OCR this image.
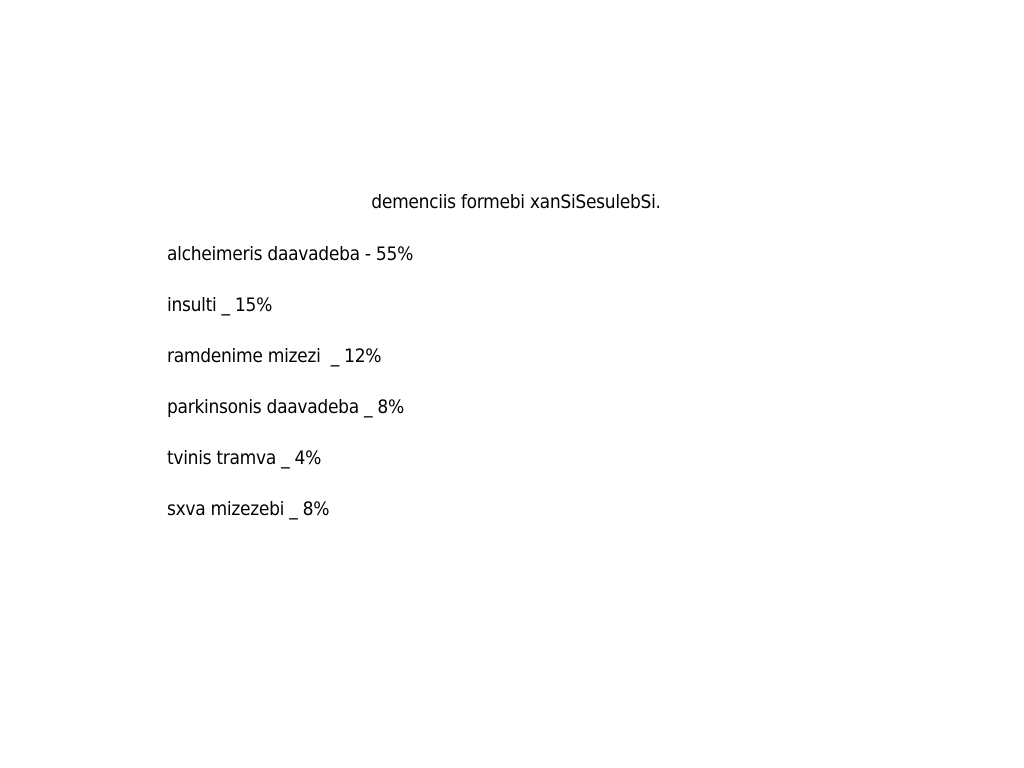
demenciis formebi xanSiSesulebSi.
alcheimeris daavadeba - 55%
insulti _ 15%
ramdenime mizezi  _ 12%
parkinsonis daavadeba _ 8%
tvinis tramva _ 4%
sxva mizezebi _ 8%
